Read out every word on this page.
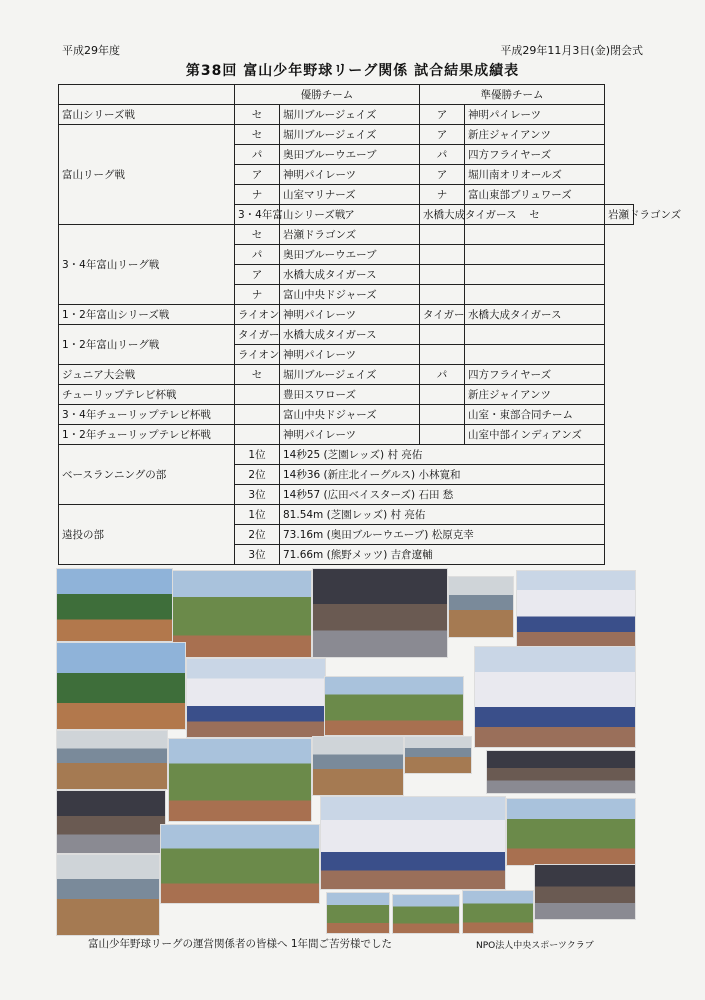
平成29年度	平成29年11月3日(金)閉会式
第38回 富山少年野球リーグ関係 試合結果成績表
	優勝チーム		準優勝チーム		
富山シリーズ戦	セ	堀川ブルージェイズ	ア	神明パイレーツ	
富山リーグ戦	セ	堀川ブルージェイズ	ア	新庄ジャイアンツ	
	パ	奥田ブルーウエーブ	パ	四方フライヤーズ	
	ア	神明パイレーツ	ア	堀川南オリオールズ	
	ナ	山室マリナーズ	ナ	富山東部ブリュワーズ	
	3・4年富山シリーズ戦	ア	水橋大成タイガース	セ	岩瀬ドラゴンズ
3・4年富山リーグ戦	セ	岩瀬ドラゴンズ			
	パ	奥田ブルーウエーブ			
	ア	水橋大成タイガース			
	ナ	富山中央ドジャーズ			
1・2年富山シリーズ戦	ライオン	神明パイレーツ	タイガー	水橋大成タイガース	
1・2年富山リーグ戦	タイガー	水橋大成タイガース			
	ライオン	神明パイレーツ			
ジュニア大会戦	セ	堀川ブルージェイズ	パ	四方フライヤーズ	
チューリップテレビ杯戦		豊田スワローズ		新庄ジャイアンツ	
3・4年チューリップテレビ杯戦		富山中央ドジャーズ		山室・東部合同チーム	
1・2年チューリップテレビ杯戦		神明パイレーツ		山室中部インディアンズ	
ベースランニングの部	1位	14秒25 (芝園レッズ) 村 亮佑			
	2位	14秒36 (新庄北イーグルス) 小林寛和			
	3位	14秒57 (広田ベイスターズ) 石田 愁			
遠投の部	1位	81.54m (芝園レッズ) 村 亮佑			
	2位	73.16m (奥田ブルーウエーブ) 松原克幸			
	3位	71.66m (熊野メッツ) 吉倉遼輔			
富山少年野球リーグの運営関係者の皆様へ 1年間ご苦労様でした	NPO法人中央スポーツクラブ
